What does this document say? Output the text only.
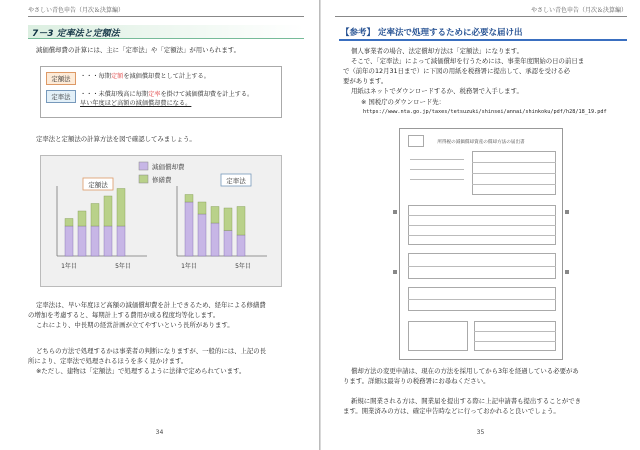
やさしい青色申告（月次＆決算編）
7－3 定率法と定額法
減価償却費の計算には、主に「定率法」や「定額法」が用いられます。
定額法	・・・毎期定額を減価償却費として計上する。
定率法	・・・未償却残高に毎期定率を掛けて減価償却費を計上する。
早い年度ほど高額の減価償却費になる。
定率法と定額法の計算方法を図で確認してみましょう。
減価償却費
修繕費
定額法
1年目	5年目
定率法
1年目	5年目
定率法は、早い年度ほど高額の減価償却費を計上できるため、経年による修繕費
の増加を考慮すると、毎期計上する費用が或る程度均等化します。
これにより、中長期の経営計画が立てやすいという長所があります。
どちらの方法で処理するかは事業者の判断になりますが、一般的には、上記の長
所により、定率法で処理されるほうを多く見かけます。
※ただし、建物は「定額法」で処理するように法律で定められています。
34
やさしい青色申告（月次＆決算編）
【参考】 定率法で処理するために必要な届け出
個人事業者の場合、法定償却方法は「定額法」になります。
そこで、「定率法」によって減価償却を行うためには、事業年度開始の日の前日ま
で（前年の12月31日まで）に下図の用紙を税務署に提出して、承認を受ける必
要があります。
用紙はネットでダウンロードするか、税務署で入手します。
※ 国税庁のダウンロード先：
https://www.nta.go.jp/taxes/tetsuzuki/shinsei/annai/shinkoku/pdf/h28/18_19.pdf
所得税の減価償却資産の償却方法の届出書
償却方法の変更申請は、現在の方法を採用してから3年を経過している必要があ
ります。詳細は最寄りの税務署にお尋ねください。
新規に開業される方は、開業届を提出する際に上記申請書も提出することができ
ます。開業済みの方は、確定申告時などに行っておかれると良いでしょう。
35
